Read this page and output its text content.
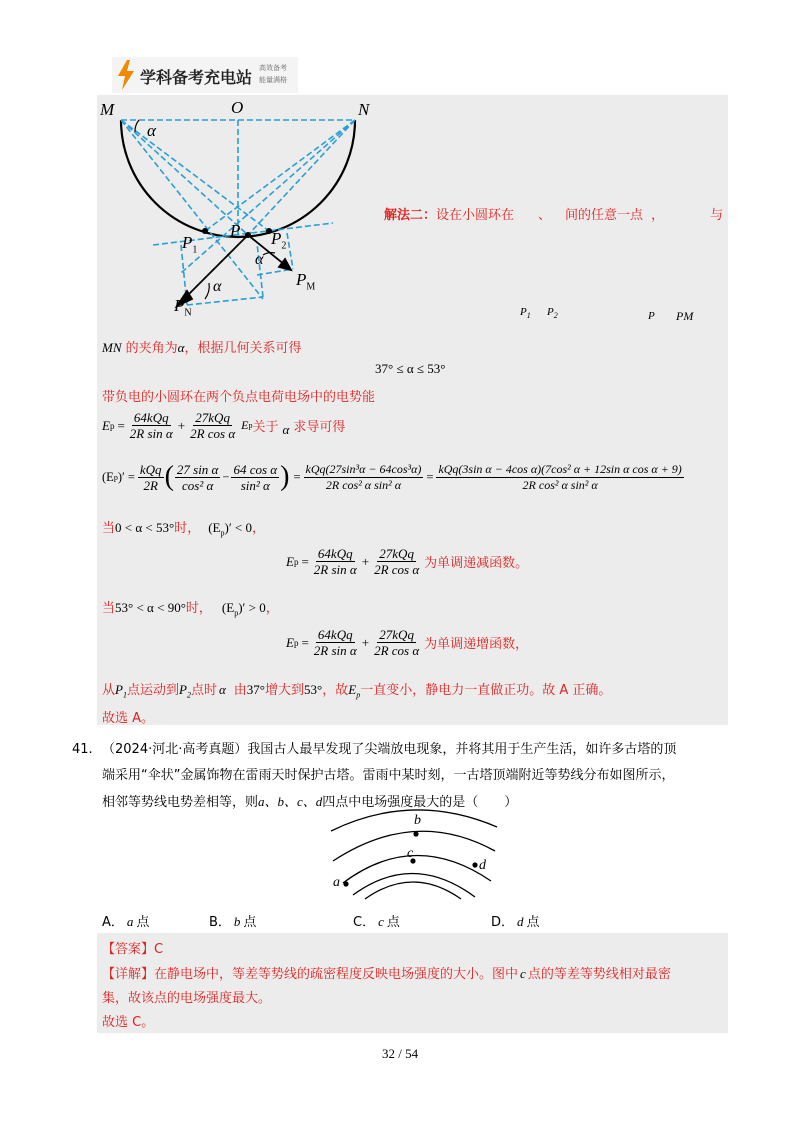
学科备考充电站 高效备考
能量满格
M	O	N
α
$P_1$
P $P_2$
α
$P_M$
α
$P_N$
解法二：设在小圆环在 、 间的任意一点 ，	与
$P_1$ $P_2$	P PM
MN 的夹角为α，根据几何关系可得
37° ≤ α ≤ 53°
带负电的小圆环在两个负点电荷电场中的电势能
E $p = \frac{\text{64kQq}}{\text{2R sin α}} + \frac{\text{27kQq}}{\text{2R cos α}}$ E p 关于 α 求导可得
(E p )′ = $\frac{\text{kQq}}{2R}$ ( $\frac{\text{27 sin α}}{\text{cos² α}} - \frac{\text{64 cos α}}{\text{sin² α}}$ ) = $\frac{\text{kQq(27sin³α − 64cos³α)}}{\text{2R cos² α sin² α}} = \frac{\text{kQq(3sin α − 4cos α)(7cos² α + 12sin α cos α + 9)}}{\text{2R cos² α sin² α}}$
当0 < α < 53°时， $(E_p)' < 0$，
E $p = \frac{\text{64kQq}}{\text{2R sin α}} + \frac{\text{27kQq}}{\text{2R cos α}}$ 为单调递减函数。
当53° < α < 90°时， $(E_p)' > 0$，
E $p = \frac{\text{64kQq}}{\text{2R sin α}} + \frac{\text{27kQq}}{\text{2R cos α}}$ 为单调递增函数，
从$P_1$点运动到$P_2$点时 α 由37°增大到53°，故$E_p$一直变小，静电力一直做正功。故 A 正确。
故选 A。
41. （2024·河北·高考真题）我国古人最早发现了尖端放电现象，并将其用于生产生活，如许多古塔的顶
端采用“伞状”金属饰物在雷雨天时保护古塔。雷雨中某时刻，一古塔顶端附近等势线分布如图所示，
相邻等势线电势差相等，则a、b、c、d四点中电场强度最大的是（　　）
a
b
c
d
A． a 点	B． b 点	C． c 点	D． d 点
【答案】C
【详解】在静电场中，等差等势线的疏密程度反映电场强度的大小。图中 c 点的等差等势线相对最密
集，故该点的电场强度最大。
故选 C。
32 / 54
